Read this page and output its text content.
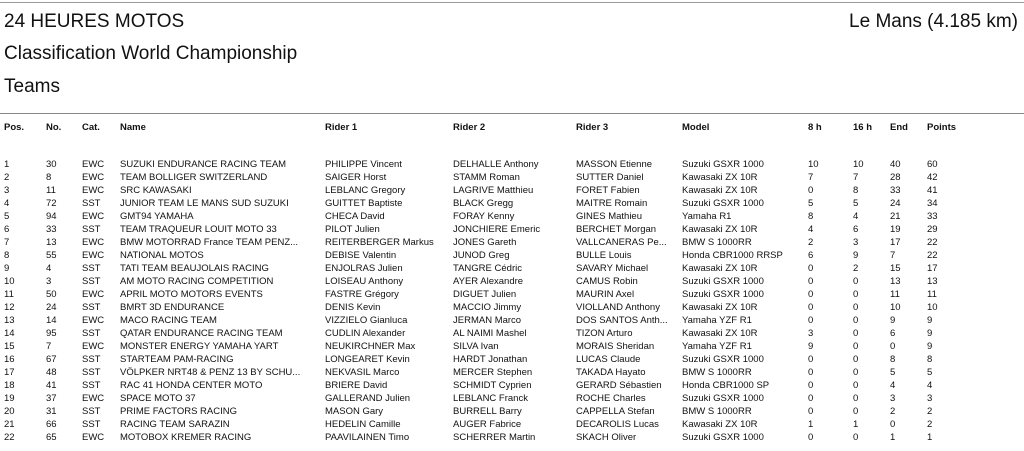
24 HEURES MOTOS	Le Mans (4.185 km)
Classification World Championship
Teams
Pos.	No.	Cat.	Name	Rider 1	Rider 2	Rider 3	Model	8 h	16 h	End	Points

1	30	EWC	SUZUKI ENDURANCE RACING TEAM	PHILIPPE Vincent	DELHALLE Anthony	MASSON Etienne	Suzuki GSXR 1000	10	10	40	60
2	8	EWC	TEAM BOLLIGER SWITZERLAND	SAIGER Horst	STAMM Roman	SUTTER Daniel	Kawasaki ZX 10R	7	7	28	42
3	11	EWC	SRC KAWASAKI	LEBLANC Gregory	LAGRIVE Matthieu	FORET Fabien	Kawasaki ZX 10R	0	8	33	41
4	72	SST	JUNIOR TEAM LE MANS SUD SUZUKI	GUITTET Baptiste	BLACK Gregg	MAITRE Romain	Suzuki GSXR 1000	5	5	24	34
5	94	EWC	GMT94 YAMAHA	CHECA David	FORAY Kenny	GINES Mathieu	Yamaha R1	8	4	21	33
6	33	SST	TEAM TRAQUEUR LOUIT MOTO 33	PILOT Julien	JONCHIERE Emeric	BERCHET Morgan	Kawasaki ZX 10R	4	6	19	29
7	13	EWC	BMW MOTORRAD France TEAM PENZ...	REITERBERGER Markus	JONES Gareth	VALLCANERAS Pe...	BMW S 1000RR	2	3	17	22
8	55	EWC	NATIONAL MOTOS	DEBISE Valentin	JUNOD Greg	BULLE Louis	Honda CBR1000 RRSP	6	9	7	22
9	4	SST	TATI TEAM BEAUJOLAIS RACING	ENJOLRAS Julien	TANGRE Cédric	SAVARY Michael	Kawasaki ZX 10R	0	2	15	17
10	3	SST	AM MOTO RACING COMPETITION	LOISEAU Anthony	AYER Alexandre	CAMUS Robin	Suzuki GSXR 1000	0	0	13	13
11	50	EWC	APRIL MOTO MOTORS EVENTS	FASTRE Grégory	DIGUET Julien	MAURIN Axel	Suzuki GSXR 1000	0	0	11	11
12	24	SST	BMRT 3D ENDURANCE	DENIS Kevin	MACCIO Jimmy	VIOLLAND Anthony	Kawasaki ZX 10R	0	0	10	10
13	14	EWC	MACO RACING TEAM	VIZZIELO Gianluca	JERMAN Marco	DOS SANTOS Anth...	Yamaha YZF R1	0	0	9	9
14	95	SST	QATAR ENDURANCE RACING TEAM	CUDLIN Alexander	AL NAIMI Mashel	TIZON Arturo	Kawasaki ZX 10R	3	0	6	9
15	7	EWC	MONSTER ENERGY YAMAHA YART	NEUKIRCHNER Max	SILVA Ivan	MORAIS Sheridan	Yamaha YZF R1	9	0	0	9
16	67	SST	STARTEAM PAM-RACING	LONGEARET Kevin	HARDT Jonathan	LUCAS Claude	Suzuki GSXR 1000	0	0	8	8
17	48	SST	VÖLPKER NRT48 & PENZ 13 BY SCHU...	NEKVASIL Marco	MERCER Stephen	TAKADA Hayato	BMW S 1000RR	0	0	5	5
18	41	SST	RAC 41 HONDA CENTER MOTO	BRIERE David	SCHMIDT Cyprien	GERARD Sébastien	Honda CBR1000 SP	0	0	4	4
19	37	EWC	SPACE MOTO 37	GALLERAND Julien	LEBLANC Franck	ROCHE Charles	Suzuki GSXR 1000	0	0	3	3
20	31	SST	PRIME FACTORS RACING	MASON Gary	BURRELL Barry	CAPPELLA Stefan	BMW S 1000RR	0	0	2	2
21	66	SST	RACING TEAM SARAZIN	HEDELIN Camille	AUGER Fabrice	DECAROLIS Lucas	Kawasaki ZX 10R	1	1	0	2
22	65	EWC	MOTOBOX KREMER RACING	PAAVILAINEN Timo	SCHERRER Martin	SKACH Oliver	Suzuki GSXR 1000	0	0	1	1
